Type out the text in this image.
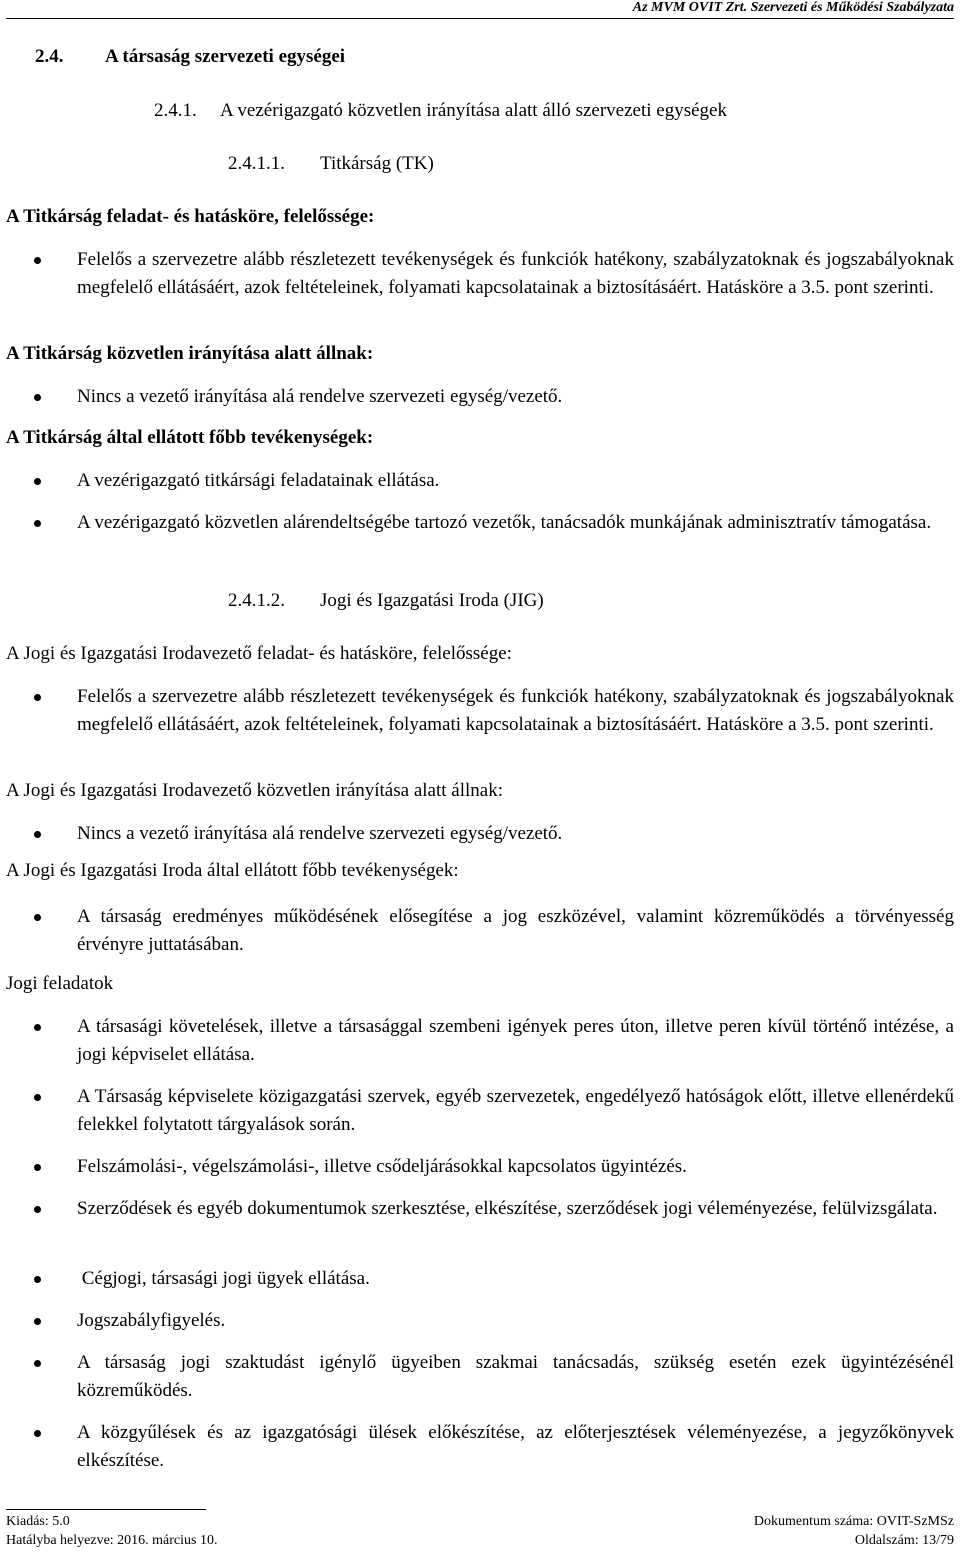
Az MVM OVIT Zrt. Szervezeti és Működési Szabályzata
2.4. A társaság szervezeti egységei
2.4.1. A vezérigazgató közvetlen irányítása alatt álló szervezeti egységek
2.4.1.1. Titkárság (TK)
A Titkárság feladat- és hatásköre, felelőssége:
Felelős a szervezetre alább részletezett tevékenységek és funkciók hatékony, szabályzatoknak és jogszabályoknak megfelelő ellátásáért, azok feltételeinek, folyamati kapcsolatainak a biztosításáért. Hatásköre a 3.5. pont szerinti.
A Titkárság közvetlen irányítása alatt állnak:
Nincs a vezető irányítása alá rendelve szervezeti egység/vezető.
A Titkárság által ellátott főbb tevékenységek:
A vezérigazgató titkársági feladatainak ellátása.
A vezérigazgató közvetlen alárendeltségébe tartozó vezetők, tanácsadók munkájának adminisztratív támogatása.
2.4.1.2. Jogi és Igazgatási Iroda (JIG)
A Jogi és Igazgatási Irodavezető feladat- és hatásköre, felelőssége:
Felelős a szervezetre alább részletezett tevékenységek és funkciók hatékony, szabályzatoknak és jogszabályoknak megfelelő ellátásáért, azok feltételeinek, folyamati kapcsolatainak a biztosításáért. Hatásköre a 3.5. pont szerinti.
A Jogi és Igazgatási Irodavezető közvetlen irányítása alatt állnak:
Nincs a vezető irányítása alá rendelve szervezeti egység/vezető.
A Jogi és Igazgatási Iroda által ellátott főbb tevékenységek:
A társaság eredményes működésének elősegítése a jog eszközével, valamint közreműködés a törvényesség érvényre juttatásában.
Jogi feladatok
A társasági követelések, illetve a társasággal szembeni igények peres úton, illetve peren kívül történő intézése, a jogi képviselet ellátása.
A Társaság képviselete közigazgatási szervek, egyéb szervezetek, engedélyező hatóságok előtt, illetve ellenérdekű felekkel folytatott tárgyalások során.
Felszámolási-, végelszámolási-, illetve csődeljárásokkal kapcsolatos ügyintézés.
Szerződések és egyéb dokumentumok szerkesztése, elkészítése, szerződések jogi véleményezése, felülvizsgálata.
Cégjogi, társasági jogi ügyek ellátása.
Jogszabályfigyelés.
A társaság jogi szaktudást igénylő ügyeiben szakmai tanácsadás, szükség esetén ezek ügyintézésénél közreműködés.
A közgyűlések és az igazgatósági ülések előkészítése, az előterjesztések véleményezése, a jegyzőkönyvek elkészítése.
Kiadás: 5.0
Hatályba helyezve: 2016. március 10.
Dokumentum száma: OVIT-SzMSz
Oldalszám: 13/79
